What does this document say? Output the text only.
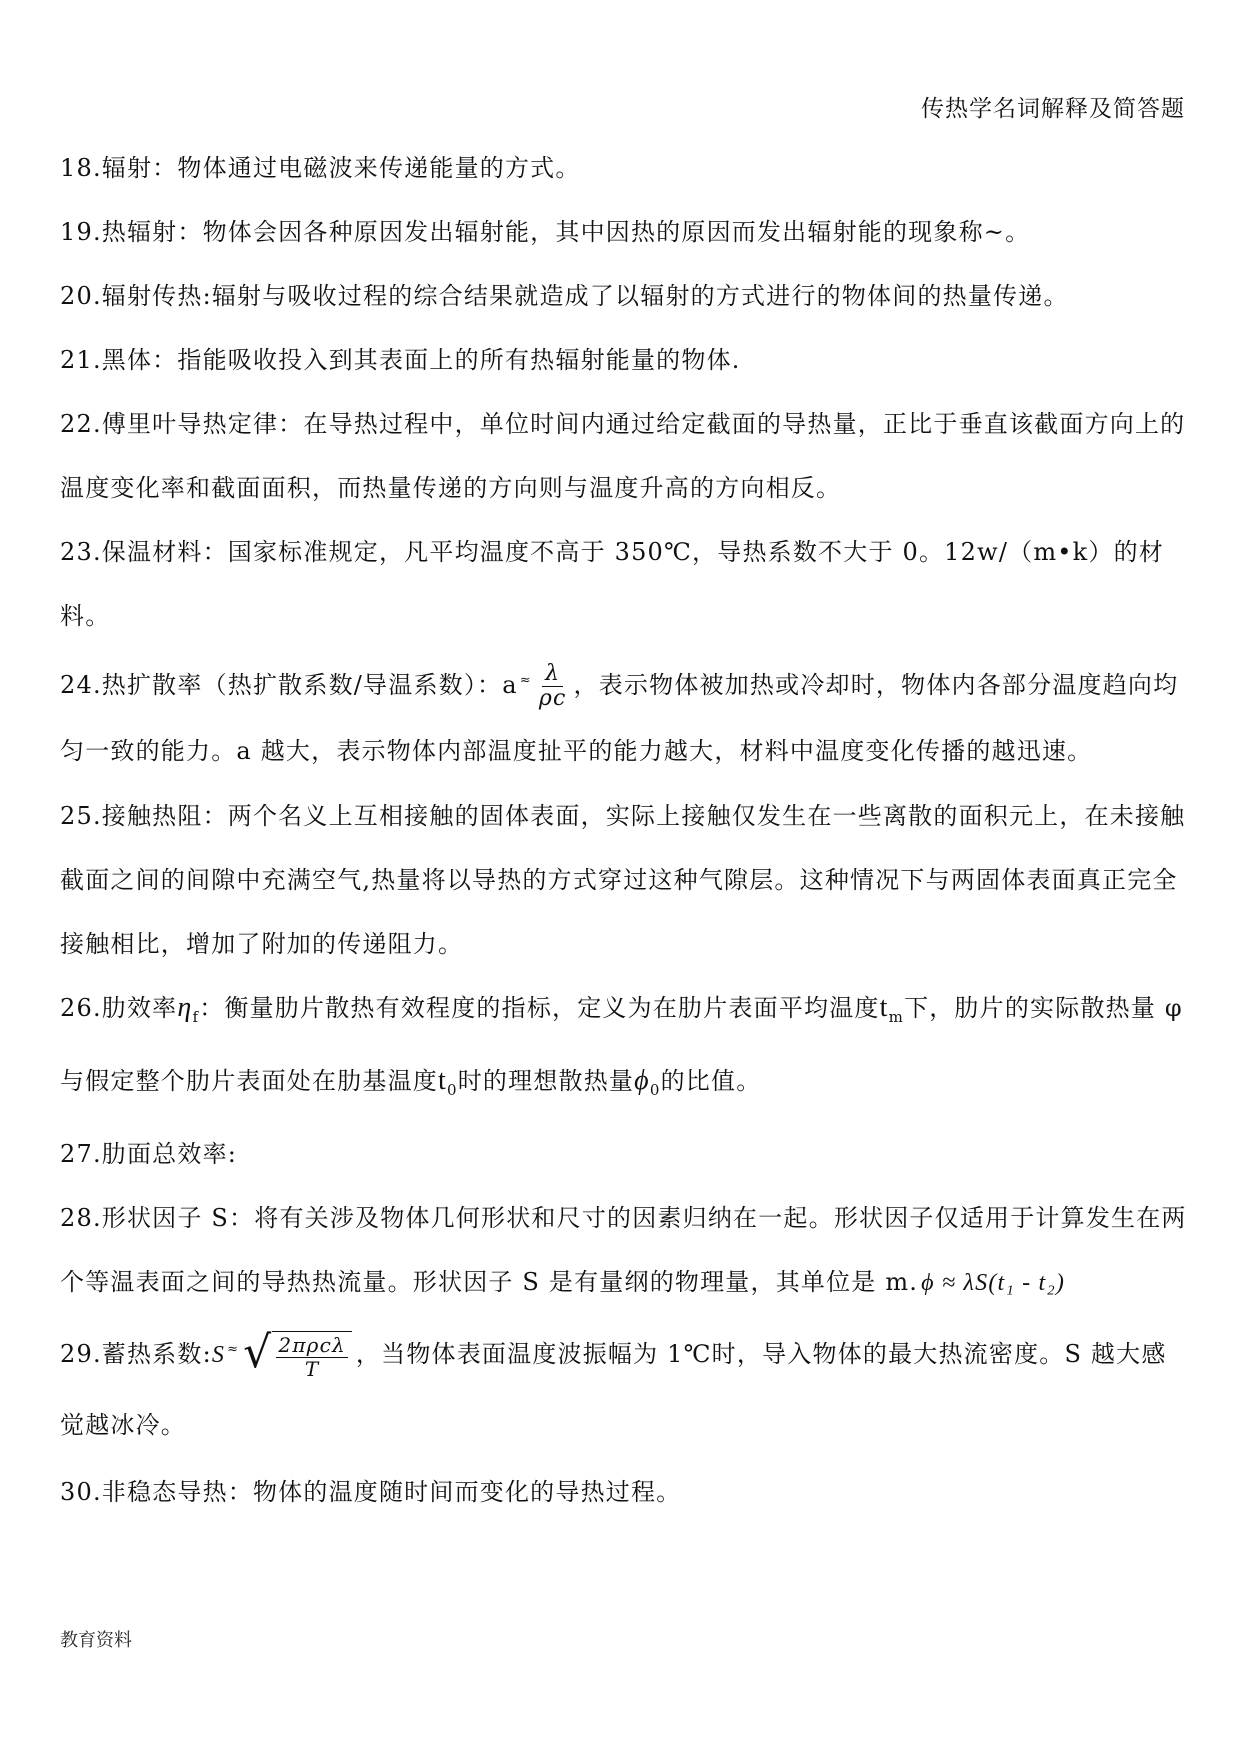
传热学名词解释及简答题

18.辐射：物体通过电磁波来传递能量的方式。

19.热辐射：物体会因各种原因发出辐射能，其中因热的原因而发出辐射能的现象称~。

20.辐射传热:辐射与吸收过程的综合结果就造成了以辐射的方式进行的物体间的热量传递。

21.黑体：指能吸收投入到其表面上的所有热辐射能量的物体.

22.傅里叶导热定律：在导热过程中，单位时间内通过给定截面的导热量，正比于垂直该截面方向上的温度变化率和截面面积，而热量传递的方向则与温度升高的方向相反。

23.保温材料：国家标准规定，凡平均温度不高于 350℃，导热系数不大于 0。12w/（m•k）的材料。

24.热扩散率（热扩散系数/导温系数）：a $^\approx \frac{\lambda}{\rho c}$ ，表示物体被加热或冷却时，物体内各部分温度趋向均匀一致的能力。a 越大，表示物体内部温度扯平的能力越大，材料中温度变化传播的越迅速。

25.接触热阻：两个名义上互相接触的固体表面，实际上接触仅发生在一些离散的面积元上，在未接触截面之间的间隙中充满空气,热量将以导热的方式穿过这种气隙层。这种情况下与两固体表面真正完全接触相比，增加了附加的传递阻力。

26.肋效率$\eta_f$：衡量肋片散热有效程度的指标，定义为在肋片表面平均温度$t_m$下，肋片的实际散热量 φ 与假定整个肋片表面处在肋基温度$t_0$时的理想散热量$\phi_0$的比值。

27.肋面总效率:

28.形状因子 S：将有关涉及物体几何形状和尺寸的因素归纳在一起。形状因子仅适用于计算发生在两个等温表面之间的导热热流量。形状因子 S 是有量纲的物理量，其单位是 m. ϕ ≈ λS(t₁ - t₂)

29.蓄热系数:S ≈ √ 2πρcλ
T
，当物体表面温度波振幅为 1℃时，导入物体的最大热流密度。S 越大感觉越冰冷。

30.非稳态导热：物体的温度随时间而变化的导热过程。

教育资料
